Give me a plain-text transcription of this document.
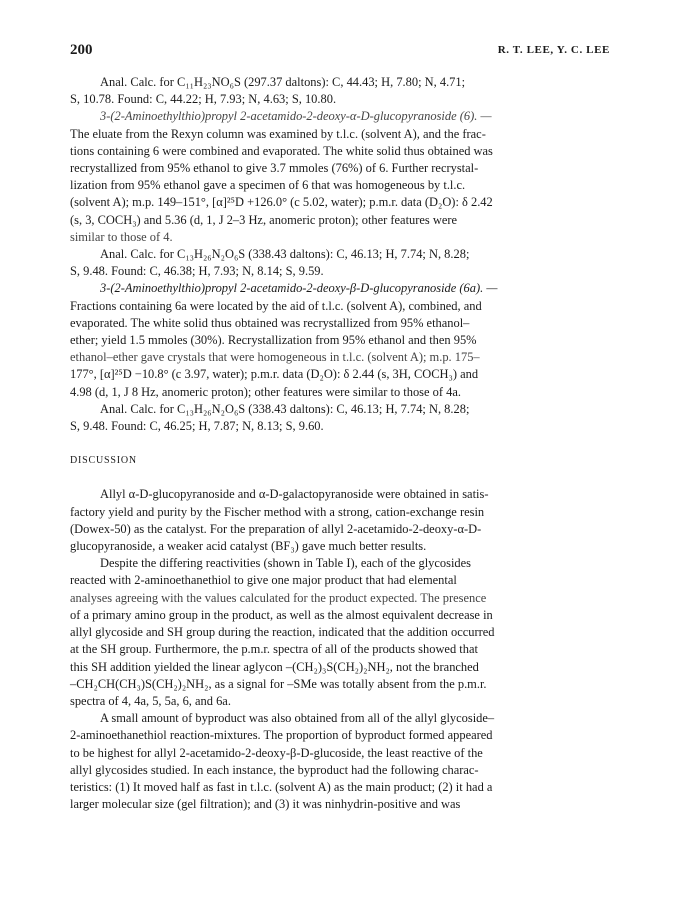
200	R. T. LEE, Y. C. LEE

Anal. Calc. for C₁₁H₂₃NO₆S (297.37 daltons): C, 44.43; H, 7.80; N, 4.71;

S, 10.78. Found: C, 44.22; H, 7.93; N, 4.63; S, 10.80.

3-(2-Aminoethylthio)propyl 2-acetamido-2-deoxy-α-D-glucopyranoside (6). —

The eluate from the Rexyn column was examined by t.l.c. (solvent A), and the frac-

tions containing 6 were combined and evaporated. The white solid thus obtained was

recrystallized from 95% ethanol to give 3.7 mmoles (76%) of 6. Further recrystal-

lization from 95% ethanol gave a specimen of 6 that was homogeneous by t.l.c.

(solvent A); m.p. 149–151°, [α]²⁵D +126.0° (c 5.02, water); p.m.r. data (D₂O): δ 2.42

(s, 3, COCH₃) and 5.36 (d, 1, J 2–3 Hz, anomeric proton); other features were

similar to those of 4.

Anal. Calc. for C₁₃H₂₆N₂O₆S (338.43 daltons): C, 46.13; H, 7.74; N, 8.28;

S, 9.48. Found: C, 46.38; H, 7.93; N, 8.14; S, 9.59.

3-(2-Aminoethylthio)propyl 2-acetamido-2-deoxy-β-D-glucopyranoside (6a). —

Fractions containing 6a were located by the aid of t.l.c. (solvent A), combined, and

evaporated. The white solid thus obtained was recrystallized from 95% ethanol–

ether; yield 1.5 mmoles (30%). Recrystallization from 95% ethanol and then 95%

ethanol–ether gave crystals that were homogeneous in t.l.c. (solvent A); m.p. 175–

177°, [α]²⁵D −10.8° (c 3.97, water); p.m.r. data (D₂O): δ 2.44 (s, 3H, COCH₃) and

4.98 (d, 1, J 8 Hz, anomeric proton); other features were similar to those of 4a.

Anal. Calc. for C₁₃H₂₆N₂O₆S (338.43 daltons): C, 46.13; H, 7.74; N, 8.28;

S, 9.48. Found: C, 46.25; H, 7.87; N, 8.13; S, 9.60.

DISCUSSION

Allyl α-D-glucopyranoside and α-D-galactopyranoside were obtained in satis-

factory yield and purity by the Fischer method with a strong, cation-exchange resin

(Dowex-50) as the catalyst. For the preparation of allyl 2-acetamido-2-deoxy-α-D-

glucopyranoside, a weaker acid catalyst (BF₃) gave much better results.

Despite the differing reactivities (shown in Table I), each of the glycosides

reacted with 2-aminoethanethiol to give one major product that had elemental

analyses agreeing with the values calculated for the product expected. The presence

of a primary amino group in the product, as well as the almost equivalent decrease in

allyl glycoside and SH group during the reaction, indicated that the addition occurred

at the SH group. Furthermore, the p.m.r. spectra of all of the products showed that

this SH addition yielded the linear aglycon –(CH₂)₃S(CH₂)₂NH₂, not the branched

–CH₂CH(CH₃)S(CH₂)₂NH₂, as a signal for –SMe was totally absent from the p.m.r.

spectra of 4, 4a, 5, 5a, 6, and 6a.

A small amount of byproduct was also obtained from all of the allyl glycoside–

2-aminoethanethiol reaction-mixtures. The proportion of byproduct formed appeared

to be highest for allyl 2-acetamido-2-deoxy-β-D-glucoside, the least reactive of the

allyl glycosides studied. In each instance, the byproduct had the following charac-

teristics: (1) It moved half as fast in t.l.c. (solvent A) as the main product; (2) it had a

larger molecular size (gel filtration); and (3) it was ninhydrin-positive and was
